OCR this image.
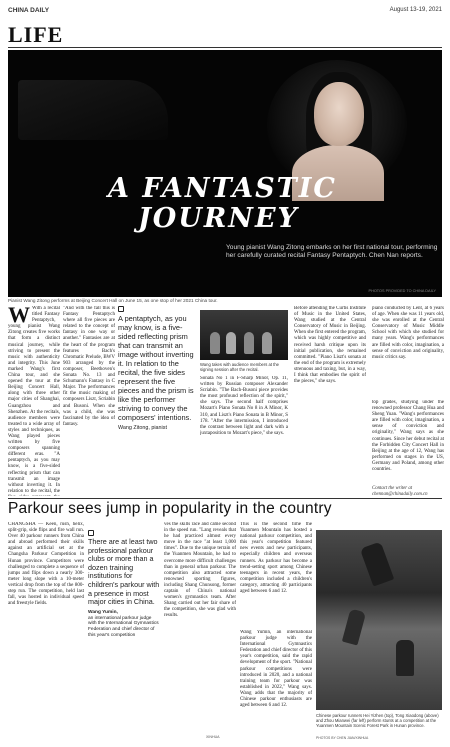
CHINA DAILY	August 13-19, 2021
LIFE
A FANTASTIC
JOURNEY
Young pianist Wang Zitong embarks on her first national tour, performing her carefully curated recital Fantasy Pentaptych. Chen Nan reports.
PHOTOS PROVIDED TO CHINA DAILY
Pianist Wang Zitong performs at Beijing Concert Hall on June 15, as one stop of her 2021 China tour.
W With a recital titled Fantasy Pentaptych, young pianist Wang Zitong creates five works that form a distinct musical journey, while striving to present the music with authenticity and integrity. This June marked Wang's first China tour, and she opened the tour at the Beijing Concert Hall, along with three other major cities of Shanghai, Guangzhou and Shenzhen. At the recitals, audience members were treated to a wide array of styles and techniques, as Wang played pieces written by five composers spanning different eras. "A pentaptych, as you may know, is a five-sided reflecting prism that can transmit an image without inverting it. In relation to the recital, the
"And with the fall this is Fantasy Pentaptych where all five pieces are related to the concept of fantasy in one way or another." Fantasies are at the heart of the program features Bach's Chromatic Prelude, BWV 903 arranged by the composer, Beethoven's Sonata No. 13 and Schumann's Fantasy in C Major. The performances fit the music making of composers Liszt, Scriabin and Busoni. When she was a child, she was fascinated by the idea of fantasy.
A pentaptych, as you may know, is a five-sided reflecting prism that can transmit an image without inverting it. In relation to the recital, the five sides represent the five pieces and the prism is like the performer striving to convey the composers' intentions.
Wang Zitong, pianist
Wang takes with audience members at the signing session after the recital.
Sonata No 1 in F-Sharp Minor, Op. 11, written by Russian composer Alexander Scriabin. "The Bach-Busoni piece provides the most profound reflection of the spirit," she says. The second half comprises Mozart's Piano Sonata No 8 in A Minor, K 310, and Liszt's Piano Sonata in B Minor, S 178. "After the intermission, I introduced the contrast between light and dark with a juxtaposition to Mozart's piece," she says.
Before attending the Curtis Institute of Music in the United States, Wang studied at the Central Conservatory of Music in Beijing. When she first entered the program, which was highly competitive and received harsh critique upon its initial publication, she remained committed. "Piano Liszt's sonata at the end of the program is extremely strenuous and taxing, but, in a way, I think that embodies the spirit of the pieces," she says.
piano conducted by Lent, at 6 years of age. When she was 11 years old, she was enrolled at the Central Conservatory of Music Middle School with which she studied for many years. Wang's performances are filled with color, imagination, a sense of conviction and originality, music critics say.
top grades, studying under the renowned professor Chang Hua and Sheng Yuan. "Wang's performances are filled with color, imagination, a sense of conviction and originality," Wang says as she continues. Since her debut recital at the Forbidden City Concert Hall in Beijing at the age of 12, Wang has performed on stages in the US, Germany and Poland, among other countries.
Contact the writer at chennan@chinadaily.com.cn
Parkour sees jump in popularity in the country
CHANGSHA — Keen, rush, helix, split-grip, side flips and fire wall run. Over 40 parkour runners from China and abroad performed their skills against an artificial set at the Changsha Parkour Competition in Hunan province. Competitors were challenged to complete a sequence of jumps and flips down a nearly 300-meter long slope with a 10-meter vertical drop from the top of the 800-step run. The competition, held last fall, was hosted in individual speed and freestyle fields.
There are at least two professional parkour clubs or more than a dozen training institutions for children's parkour with a presence in most major cities in China.
Wang Yumin,
an international parkour judge with the International Gymnastics Federation and chief director of this year's competition
ves the skills race and came second in the speed run. "Lang reveals that he had practiced almost every move in the race "at least 1,000 times". Due to the unique terrain of the Yuanmen Mountain, he had to overcome more difficult challenges than in general urban parkour. The competition also attracted some renowned sporting figures, including Shang Chunsong, former captain of China's national women's gymnastics team. After Shang carried out her fair share of the competition, she was glad with results.
This is the second time the Yuanmen Mountain has hosted a national parkour competition, and this year's competition featured new events and new participants, especially children and overseas runners. As parkour has become a trend-setting sport among Chinese teenagers in recent years, the competition included a children's category, attracting 40 participants aged between 6 and 12.
Wang Yumin, an international parkour judge with the International Gymnastics Federation and chief director of this year's competition, said the rapid development of the sport. "National parkour competitions were introduced in 2020, and a national training team for parkour was established in 2022," Wang says. Wang adds that the majority of Chinese parkour enthusiasts are aged between 6 and 12.
Chinese parkour runners Hei Yizhen (top), Tong Xiaodong (above) and Zhou Mianwei (far left) perform stunts at a competition at the Yuanmen Mountain Scenic Forest Park in Hunan province.
PHOTOS BY CHEN JIAN/XINHUA
XINHUA
